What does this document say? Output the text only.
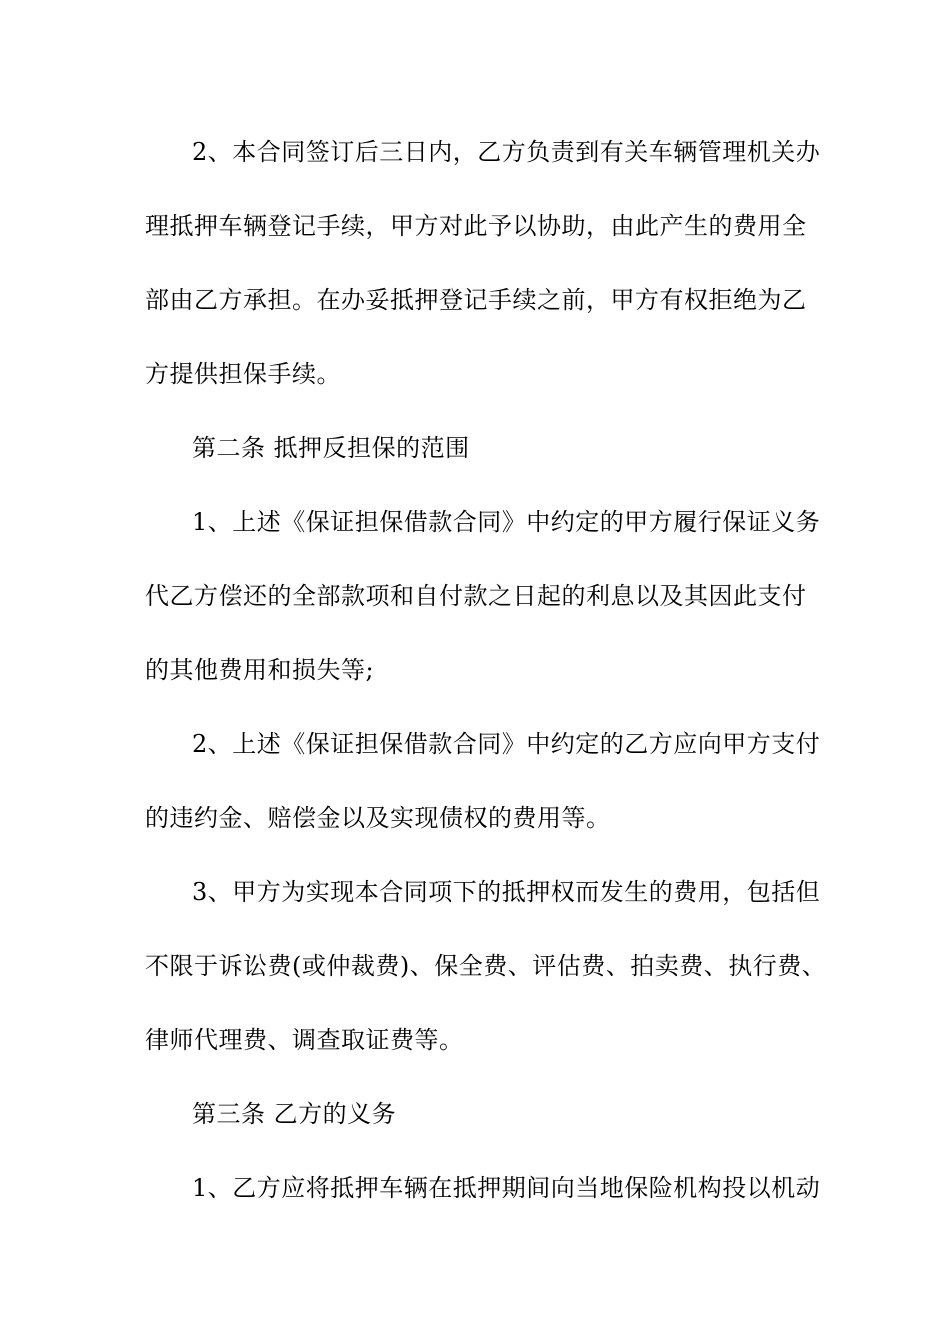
2、本合同签订后三日内，乙方负责到有关车辆管理机关办
理抵押车辆登记手续，甲方对此予以协助，由此产生的费用全
部由乙方承担。在办妥抵押登记手续之前，甲方有权拒绝为乙
方提供担保手续。
第二条 抵押反担保的范围
1、上述《保证担保借款合同》中约定的甲方履行保证义务
代乙方偿还的全部款项和自付款之日起的利息以及其因此支付
的其他费用和损失等;
2、上述《保证担保借款合同》中约定的乙方应向甲方支付
的违约金、赔偿金以及实现债权的费用等。
3、甲方为实现本合同项下的抵押权而发生的费用，包括但
不限于诉讼费(或仲裁费)、保全费、评估费、拍卖费、执行费、
律师代理费、调查取证费等。
第三条 乙方的义务
1、乙方应将抵押车辆在抵押期间向当地保险机构投以机动
